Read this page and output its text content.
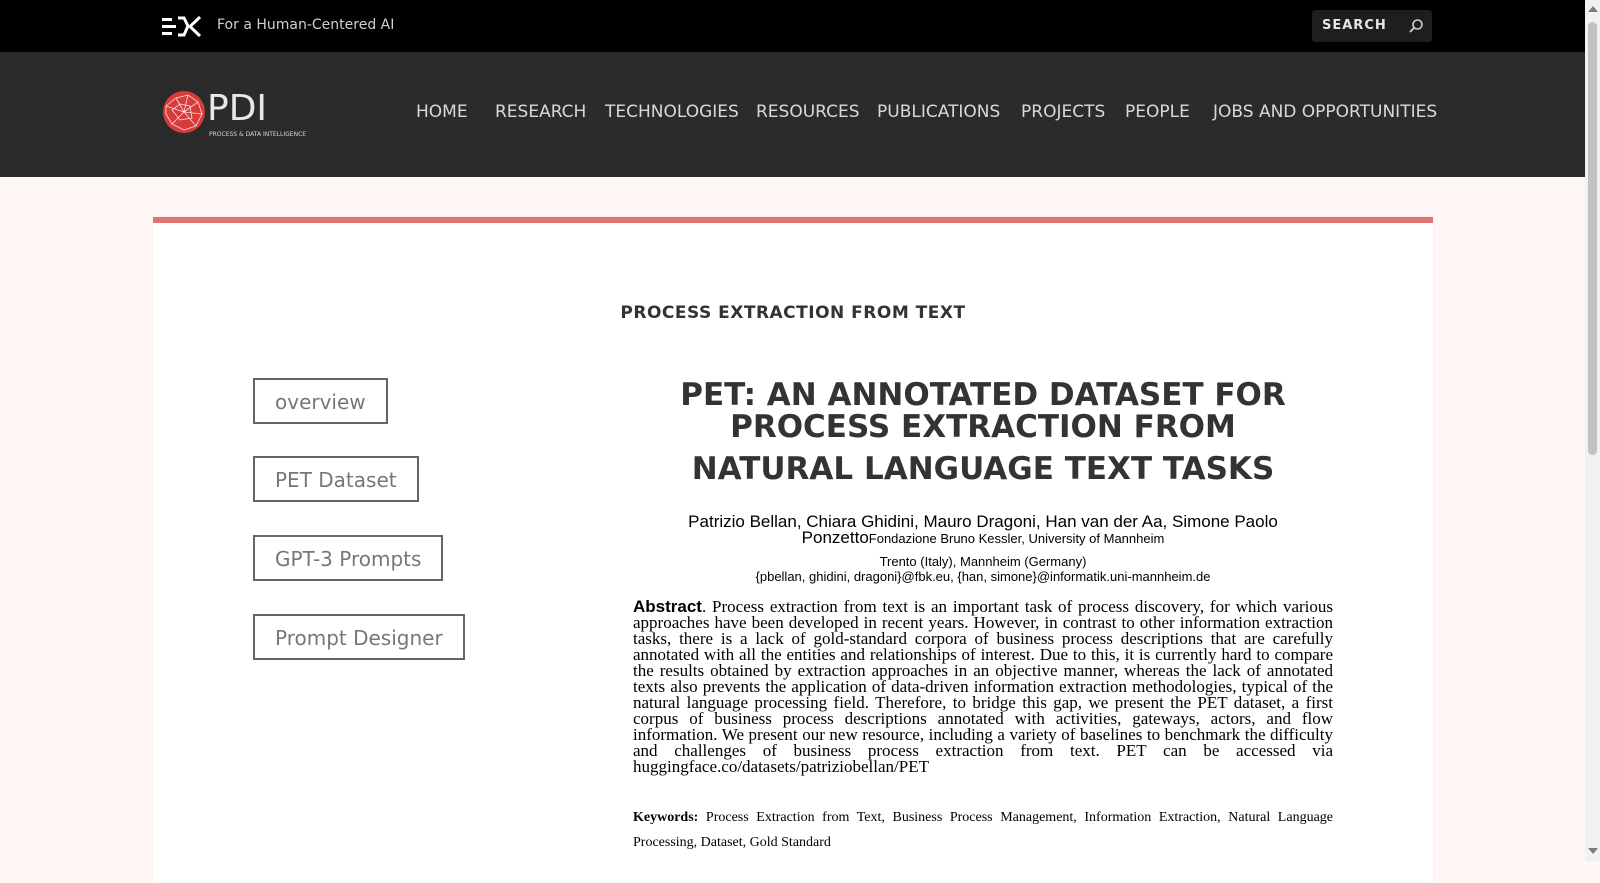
For a Human-Centered AI	SEARCH
PDI
PROCESS & DATA INTELLIGENCE
HOME RESEARCH TECHNOLOGIES RESOURCES PUBLICATIONS PROJECTS PEOPLE JOBS AND OPPORTUNITIES
PROCESS EXTRACTION FROM TEXT
overview
PET Dataset
GPT-3 Prompts
Prompt Designer
PET: AN ANNOTATED DATASET FOR
PROCESS EXTRACTION FROM
NATURAL LANGUAGE TEXT TASKS
Patrizio Bellan, Chiara Ghidini, Mauro Dragoni, Han van der Aa, Simone Paolo PonzettoFondazione Bruno Kessler, University of Mannheim
Trento (Italy), Mannheim (Germany)
{pbellan, ghidini, dragoni}@fbk.eu, {han, simone}@informatik.uni-mannheim.de
Abstract. Process extraction from text is an important task of process discovery, for which various approaches have been developed in recent years. However, in contrast to other information extraction tasks, there is a lack of gold-standard corpora of business process descriptions that are carefully annotated with all the entities and relationships of interest. Due to this, it is currently hard to compare the results obtained by extraction approaches in an objective manner, whereas the lack of annotated texts also prevents the application of data-driven information extraction methodologies, typical of the natural language processing field. Therefore, to bridge this gap, we present the PET dataset, a first corpus of business process descriptions annotated with activities, gateways, actors, and flow information. We present our new resource, including a variety of baselines to benchmark the difficulty and challenges of business process extraction from text. PET can be accessed via huggingface.co/datasets/patriziobellan/PET
Keywords: Process Extraction from Text, Business Process Management, Information Extraction, Natural Language Processing, Dataset, Gold Standard
